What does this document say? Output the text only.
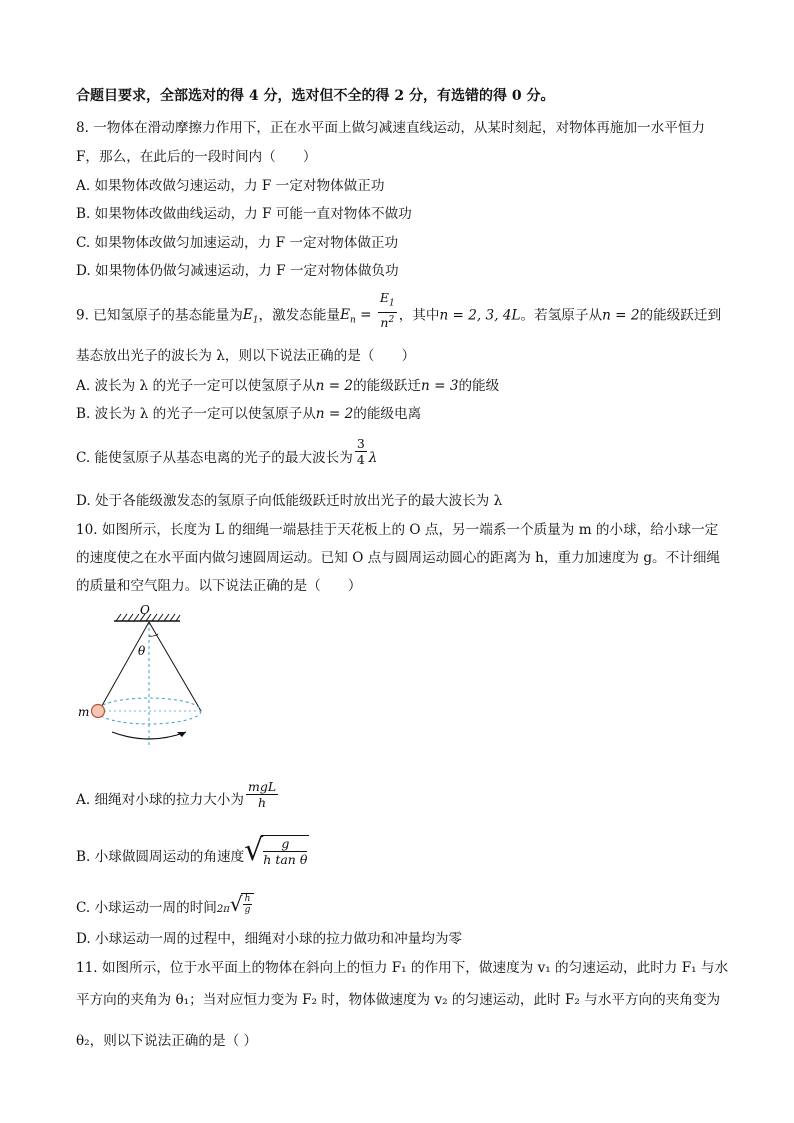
合题目要求，全部选对的得 4 分，选对但不全的得 2 分，有选错的得 0 分。
8. 一物体在滑动摩擦力作用下，正在水平面上做匀减速直线运动，从某时刻起，对物体再施加一水平恒力
F，那么，在此后的一段时间内（　　）
A. 如果物体改做匀速运动，力 F 一定对物体做正功
B. 如果物体改做曲线运动，力 F 可能一直对物体不做功
C. 如果物体改做匀加速运动，力 F 一定对物体做正功
D. 如果物体仍做匀减速运动，力 F 一定对物体做负功
9. 已知氢原子的基态能量为$E_1$，激发态能量$E_n = \frac{E_1}{n^2}$ ，其中n = 2, 3, 4L。若氢原子从n = 2的能级跃迁到
基态放出光子的波长为 λ，则以下说法正确的是（　　）
A. 波长为 λ 的光子一定可以使氢原子从n = 2的能级跃迁n = 3的能级
B. 波长为 λ 的光子一定可以使氢原子从n = 2的能级电离
C. 能使氢原子从基态电离的光子的最大波长为 $\frac{3}{4}$ λ
D. 处于各能级激发态的氢原子向低能级跃迁时放出光子的最大波长为 λ
10. 如图所示，长度为 L 的细绳一端悬挂于天花板上的 O 点，另一端系一个质量为 m 的小球，给小球一定
的速度使之在水平面内做匀速圆周运动。已知 O 点与圆周运动圆心的距离为 h，重力加速度为 g。不计细绳
的质量和空气阻力。以下说法正确的是（　　）
O
θ
m
A. 细绳对小球的拉力大小为 $\frac{\text{mgL}}{h}$
B. 小球做圆周运动的角速度√ $\frac{g}{\text{h tan θ}}$
C. 小球运动一周的时间$2\pi√ \frac{h}{g}$
D. 小球运动一周的过程中，细绳对小球的拉力做功和冲量均为零
11. 如图所示，位于水平面上的物体在斜向上的恒力 F₁ 的作用下，做速度为 v₁ 的匀速运动，此时力 F₁ 与水
平方向的夹角为 θ₁；当对应恒力变为 F₂ 时，物体做速度为 v₂ 的匀速运动，此时 F₂ 与水平方向的夹角变为
θ₂，则以下说法正确的是（ ）
